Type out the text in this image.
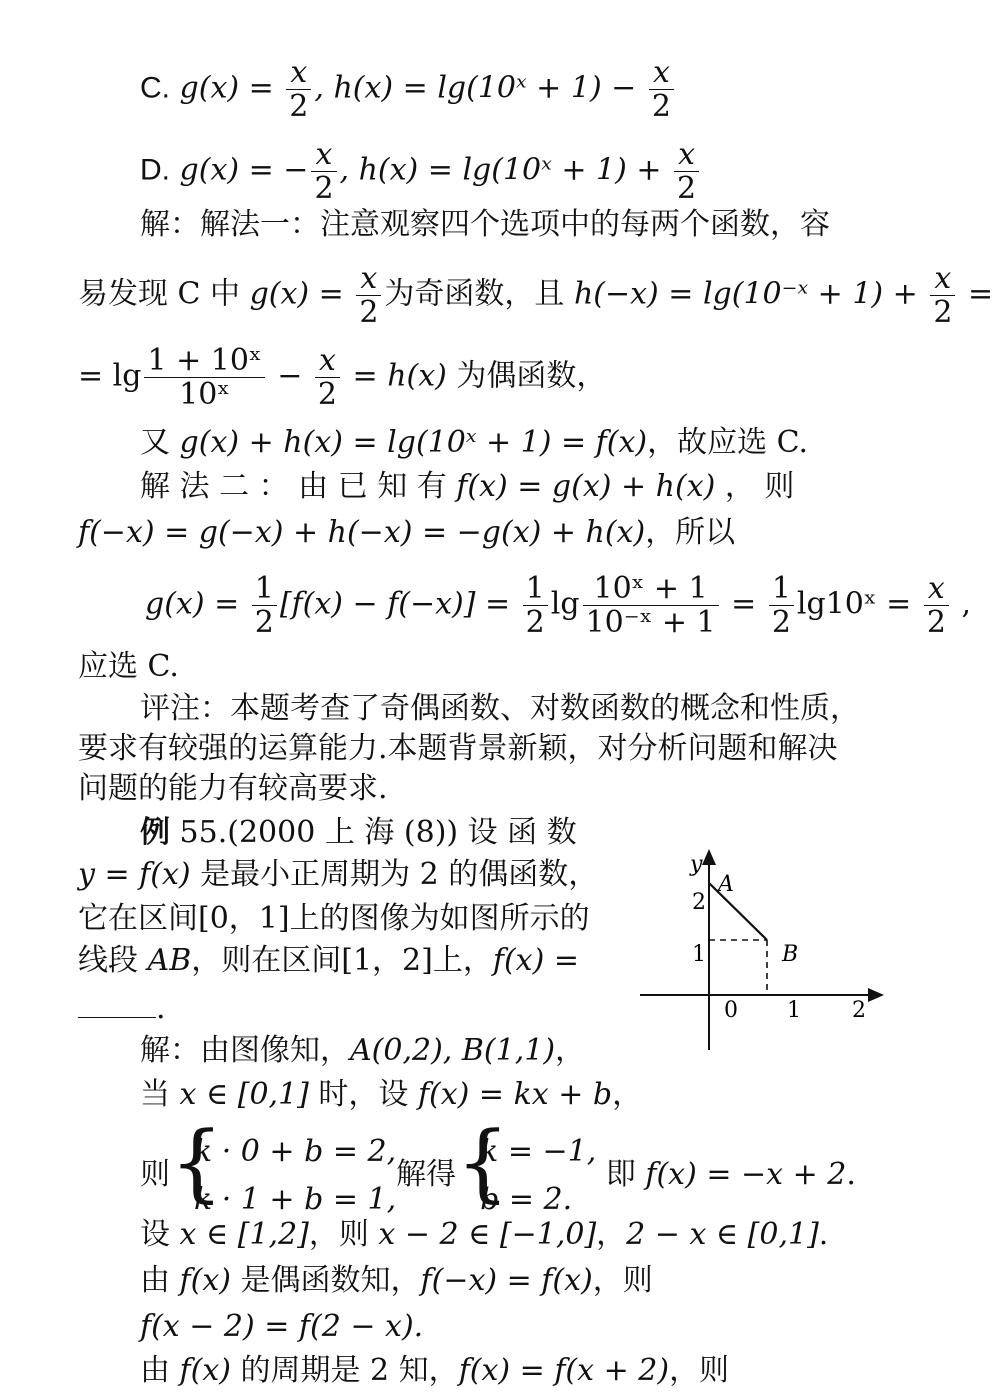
C. $g(x) = \frac{x}{2}$ , h(x) = lg(10ˣ + $1) - \frac{x}{2}$
D. g(x) = − $\frac{x}{2}$ , h(x) = lg(10ˣ + $1) + \frac{x}{2}$
解：解法一：注意观察四个选项中的每两个函数，容
易发现 C 中 $g(x) = \frac{x}{2}$ 为奇函数，且 h(−x) = lg(10⁻ˣ + $1) + \frac{x}{2}$ =
= $\lg \frac{\text{1 + 10ˣ}}{\text{10ˣ}} - \frac{x}{2} = h(x)$ 为偶函数，
又 g(x) + h(x) = lg(10ˣ + 1) = f(x)，故应选 C.
解 法 二 ： 由 已 知 有 f(x) = g(x) + h(x) ， 则
f(−x) = g(−x) + h(−x) = −g(x) + h(x)，所以
$g(x) = \frac{1}{2} [f(x) - f(-x)] = \frac{1}{2}$ $\lg \frac{\text{10ˣ + 1}}{\text{10⁻ˣ + 1}} = \frac{1}{2}$ lg10ˣ = $\frac{x}{2}$ ,
应选 C.
评注：本题考查了奇偶函数、对数函数的概念和性质，
要求有较强的运算能力.本题背景新颖，对分析问题和解决
问题的能力有较高要求.
例 55.(2000 上 海 (8)) 设 函 数
y = f(x) 是最小正周期为 2 的偶函数，
它在区间[0，1]上的图像为如图所示的
线段 AB，则在区间[1，2]上，f(x) =
.
y
A
B
2
1
0 1 2
解：由图像知，A(0,2), B(1,1)，
当 x ∈ [0,1] 时，设 f(x) = kx + b，
则 {
k · 0 + b = 2,
k · 1 + b = 1,
解得 {
k = −1,
b = 2.
即 f(x) = −x + 2.
设 x ∈ [1,2]，则 x − 2 ∈ [−1,0]，2 − x ∈ [0,1].
由 f(x) 是偶函数知，f(−x) = f(x)，则
f(x − 2) = f(2 − x).
由 f(x) 的周期是 2 知，f(x) = f(x + 2)，则
